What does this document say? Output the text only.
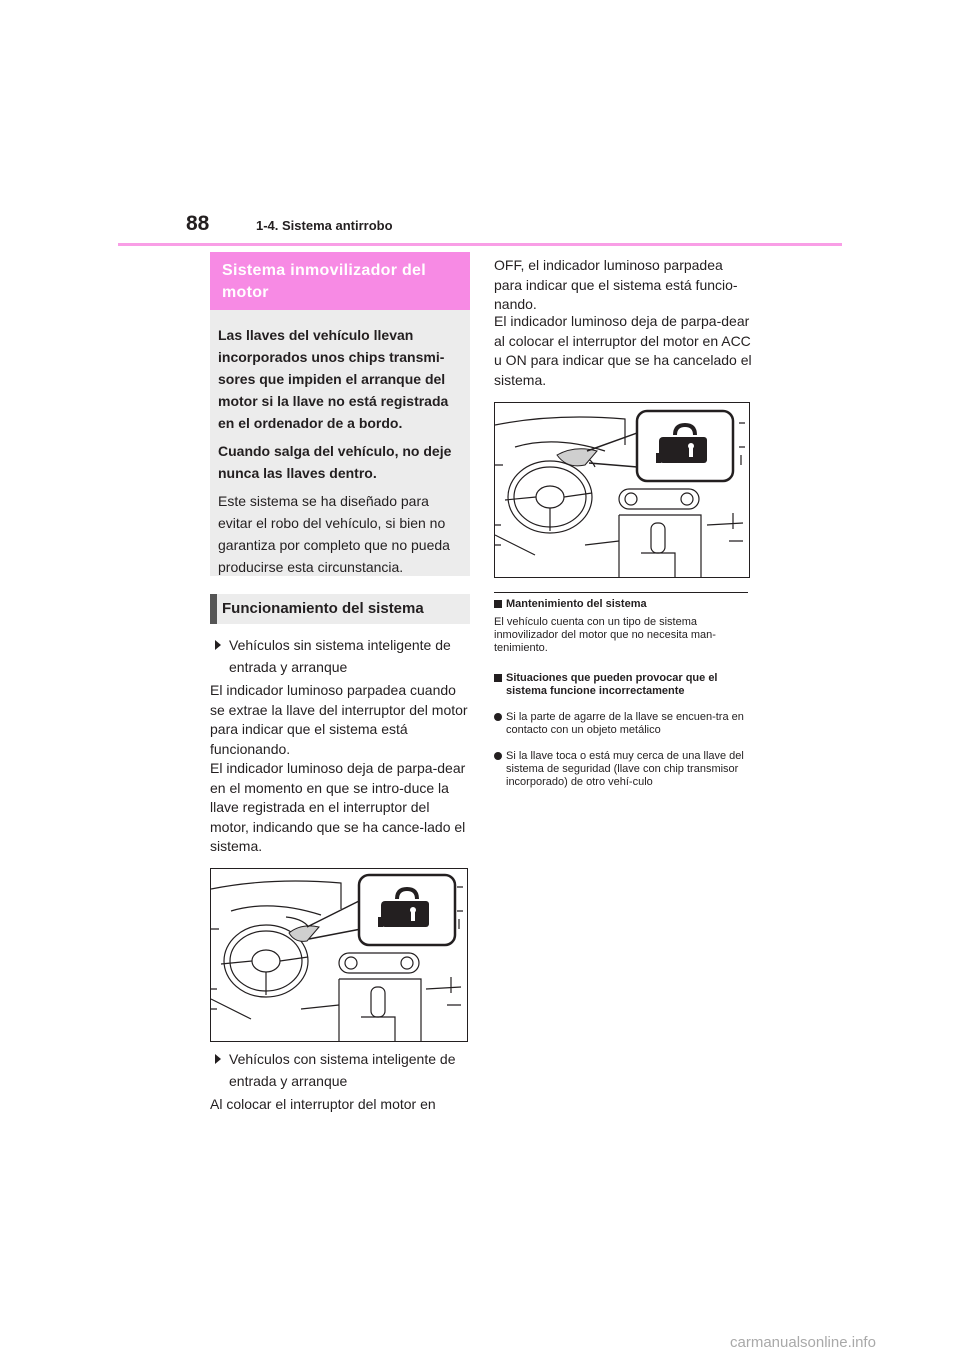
88	1-4. Sistema antirrobo
Sistema inmovilizador del motor

Las llaves del vehículo llevan incorporados unos chips transmi-sores que impiden el arranque del motor si la llave no está registrada en el ordenador de a bordo.

Cuando salga del vehículo, no deje nunca las llaves dentro.

Este sistema se ha diseñado para evitar el robo del vehículo, si bien no garantiza por completo que no pueda producirse esta circunstancia.

Funcionamiento del sistema
Vehículos sin sistema inteligente de entrada y arranque
El indicador luminoso parpadea cuando se extrae la llave del interruptor del motor para indicar que el sistema está funcionando.
El indicador luminoso deja de parpa-dear en el momento en que se intro-duce la llave registrada en el interruptor del motor, indicando que se ha cance-lado el sistema.
Vehículos con sistema inteligente de entrada y arranque
Al colocar el interruptor del motor en
OFF, el indicador luminoso parpadea para indicar que el sistema está funcio-nando.
El indicador luminoso deja de parpa-dear al colocar el interruptor del motor en ACC u ON para indicar que se ha cancelado el sistema.
Mantenimiento del sistema
El vehículo cuenta con un tipo de sistema inmovilizador del motor que no necesita man-tenimiento.
Situaciones que pueden provocar que el sistema funcione incorrectamente
Si la parte de agarre de la llave se encuen-tra en contacto con un objeto metálico
Si la llave toca o está muy cerca de una llave del sistema de seguridad (llave con chip transmisor incorporado) de otro vehí-culo
carmanualsonline.info
